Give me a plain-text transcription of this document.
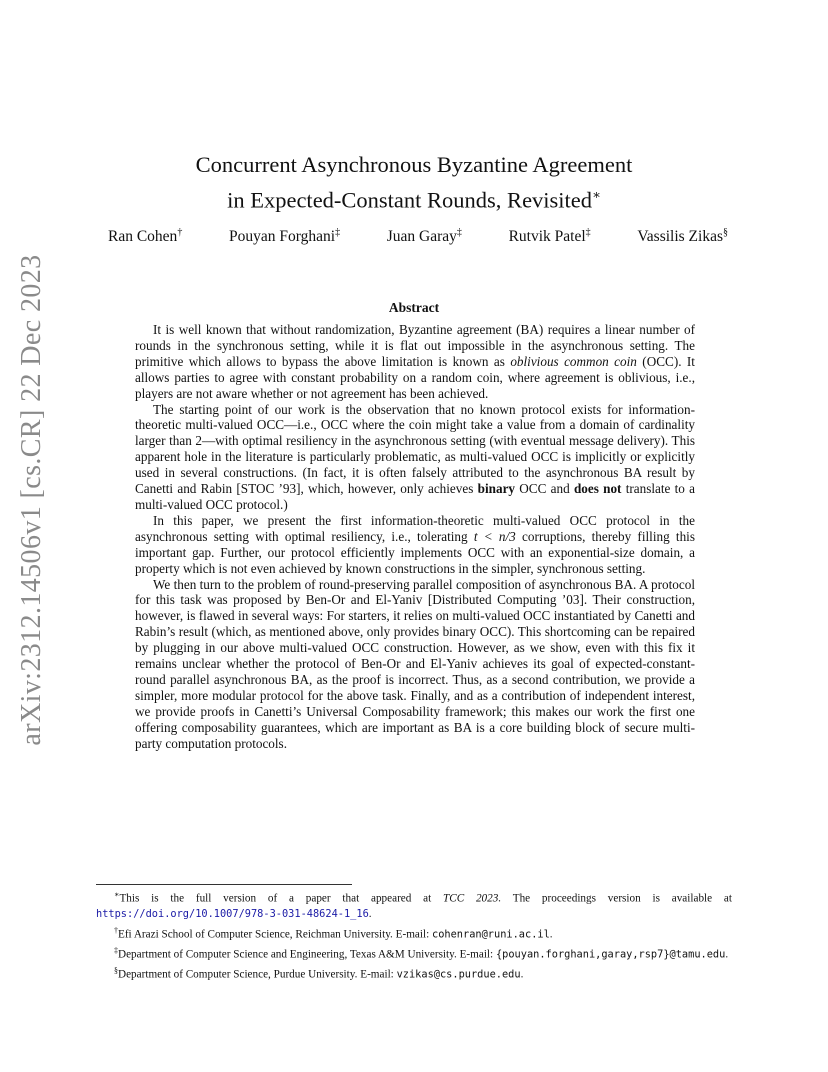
arXiv:2312.14506v1 [cs.CR] 22 Dec 2023
Concurrent Asynchronous Byzantine Agreement
in Expected-Constant Rounds, Revisited∗
Ran Cohen†	Pouyan Forghani‡	Juan Garay‡	Rutvik Patel‡	Vassilis Zikas§
Abstract

It is well known that without randomization, Byzantine agreement (BA) requires a linear number of rounds in the synchronous setting, while it is flat out impossible in the asynchronous setting. The primitive which allows to bypass the above limitation is known as oblivious common coin (OCC). It allows parties to agree with constant probability on a random coin, where agreement is oblivious, i.e., players are not aware whether or not agreement has been achieved.

The starting point of our work is the observation that no known protocol exists for information-theoretic multi-valued OCC—i.e., OCC where the coin might take a value from a domain of cardinality larger than 2—with optimal resiliency in the asynchronous setting (with eventual message delivery). This apparent hole in the literature is particularly problematic, as multi-valued OCC is implicitly or explicitly used in several constructions. (In fact, it is often falsely attributed to the asynchronous BA result by Canetti and Rabin [STOC ’93], which, however, only achieves binary OCC and does not translate to a multi-valued OCC protocol.)

In this paper, we present the first information-theoretic multi-valued OCC protocol in the asynchronous setting with optimal resiliency, i.e., tolerating t < n/3 corruptions, thereby filling this important gap. Further, our protocol efficiently implements OCC with an exponential-size domain, a property which is not even achieved by known constructions in the simpler, synchronous setting.

We then turn to the problem of round-preserving parallel composition of asynchronous BA. A protocol for this task was proposed by Ben-Or and El-Yaniv [Distributed Computing ’03]. Their construction, however, is flawed in several ways: For starters, it relies on multi-valued OCC instantiated by Canetti and Rabin’s result (which, as mentioned above, only provides binary OCC). This shortcoming can be repaired by plugging in our above multi-valued OCC construction. However, as we show, even with this fix it remains unclear whether the protocol of Ben-Or and El-Yaniv achieves its goal of expected-constant-round parallel asynchronous BA, as the proof is incorrect. Thus, as a second contribution, we provide a simpler, more modular protocol for the above task. Finally, and as a contribution of independent interest, we provide proofs in Canetti’s Universal Composability framework; this makes our work the first one offering composability guarantees, which are important as BA is a core building block of secure multi-party computation protocols.

∗This is the full version of a paper that appeared at TCC 2023. The proceedings version is available at https://doi.org/10.1007/978-3-031-48624-1_16.

†Efi Arazi School of Computer Science, Reichman University. E-mail: cohenran@runi.ac.il.

‡Department of Computer Science and Engineering, Texas A&M University. E-mail: {pouyan.forghani,garay,rsp7}@tamu.edu.

§Department of Computer Science, Purdue University. E-mail: vzikas@cs.purdue.edu.
